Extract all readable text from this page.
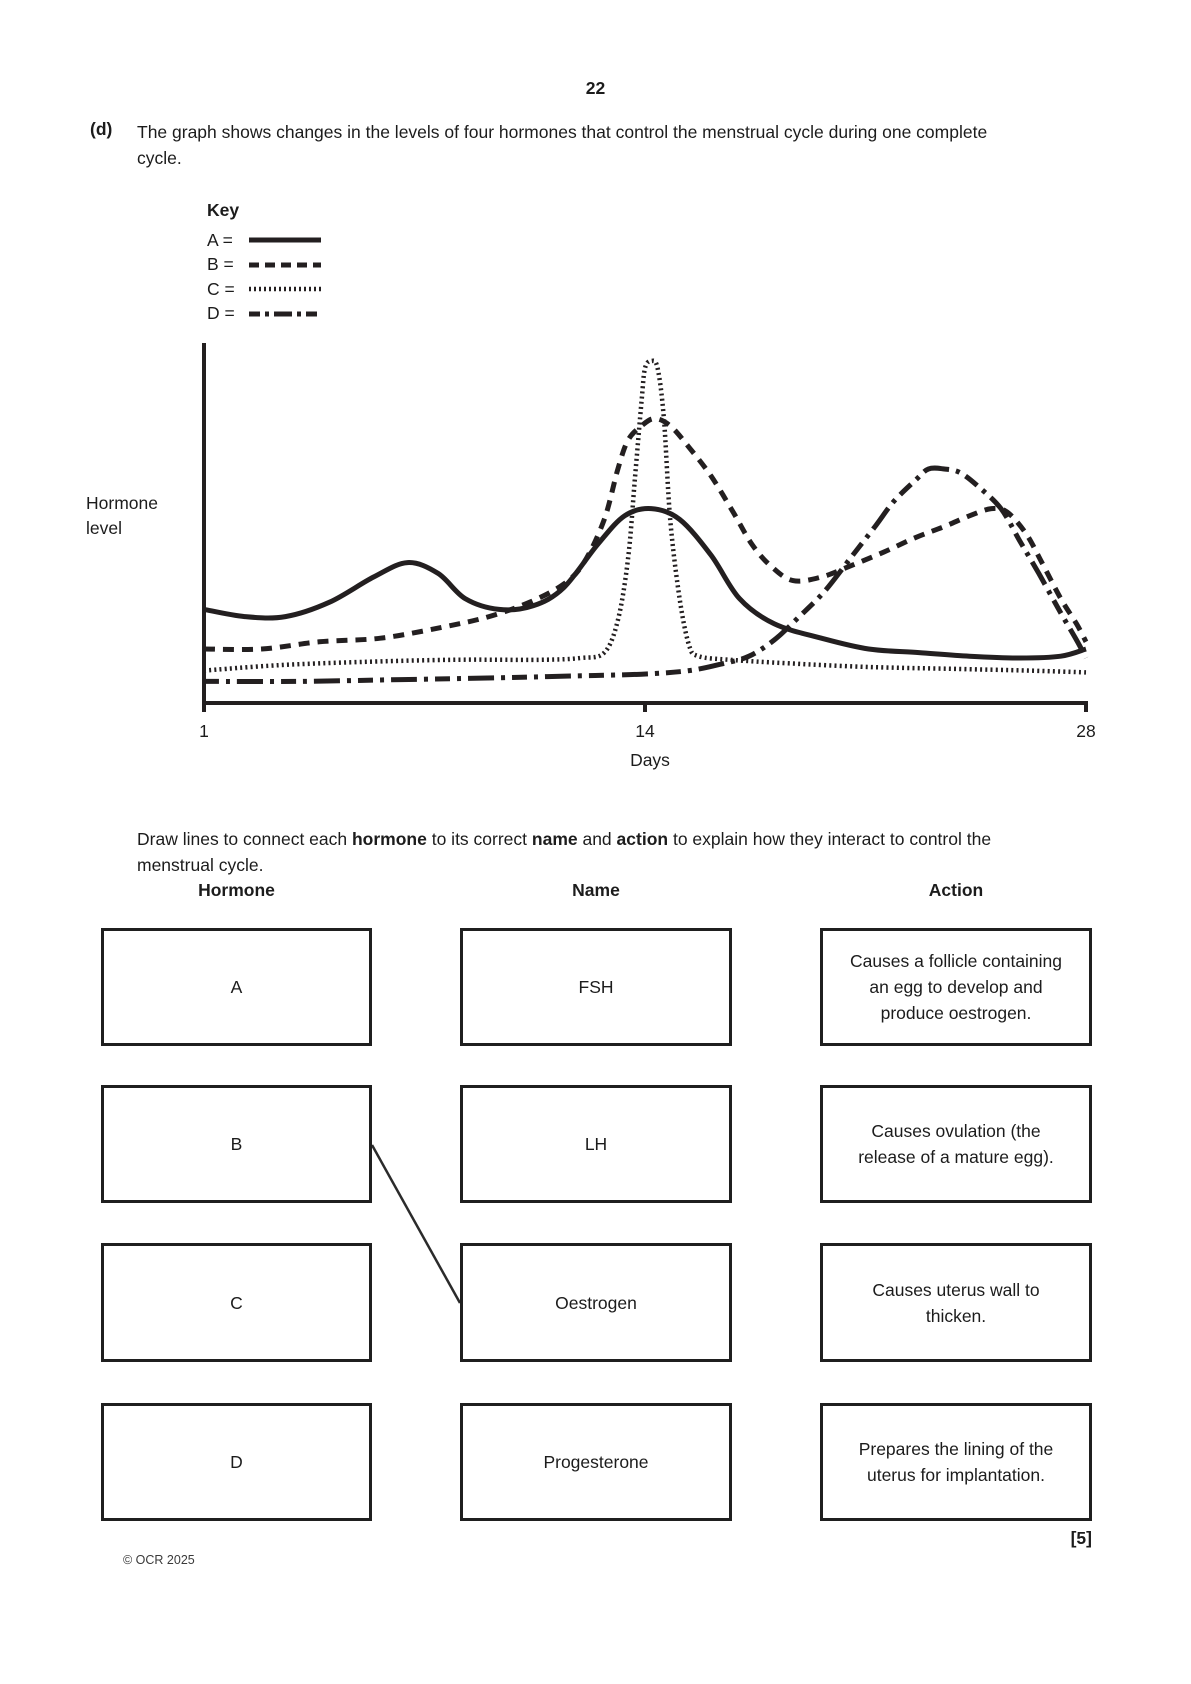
22
(d) The graph shows changes in the levels of four hormones that control the menstrual cycle during one complete cycle.
Key
A =
B =
C =
D =
Hormone level
1	14	28
Days
Draw lines to connect each hormone to its correct name and action to explain how they interact to control the menstrual cycle.
Hormone	Name	Action
A	FSH
Causes a follicle containing an egg to develop and produce oestrogen.
B	LH
Causes ovulation (the release of a mature egg).
C	Oestrogen
Causes uterus wall to thicken.
D	Progesterone
Prepares the lining of the uterus for implantation.
[5]
© OCR 2025
